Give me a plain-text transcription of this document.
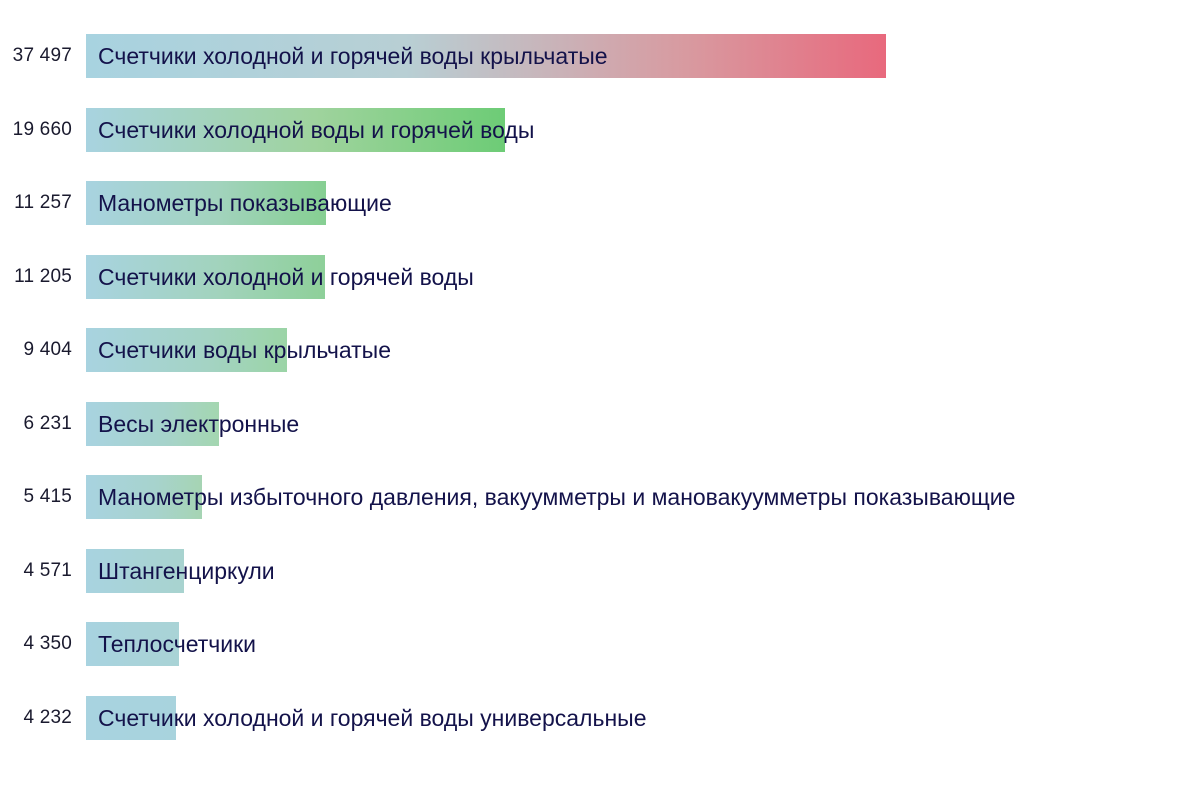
37 497	Счетчики холодной и горячей воды крыльчатые
19 660	Счетчики холодной воды и горячей воды
11 257	Манометры показывающие
11 205	Счетчики холодной и горячей воды
9 404	Счетчики воды крыльчатые
6 231	Весы электронные
5 415	Манометры избыточного давления, вакуумметры и мановакуумметры показывающие
4 571	Штангенциркули
4 350	Теплосчетчики
4 232	Счетчики холодной и горячей воды универсальные
